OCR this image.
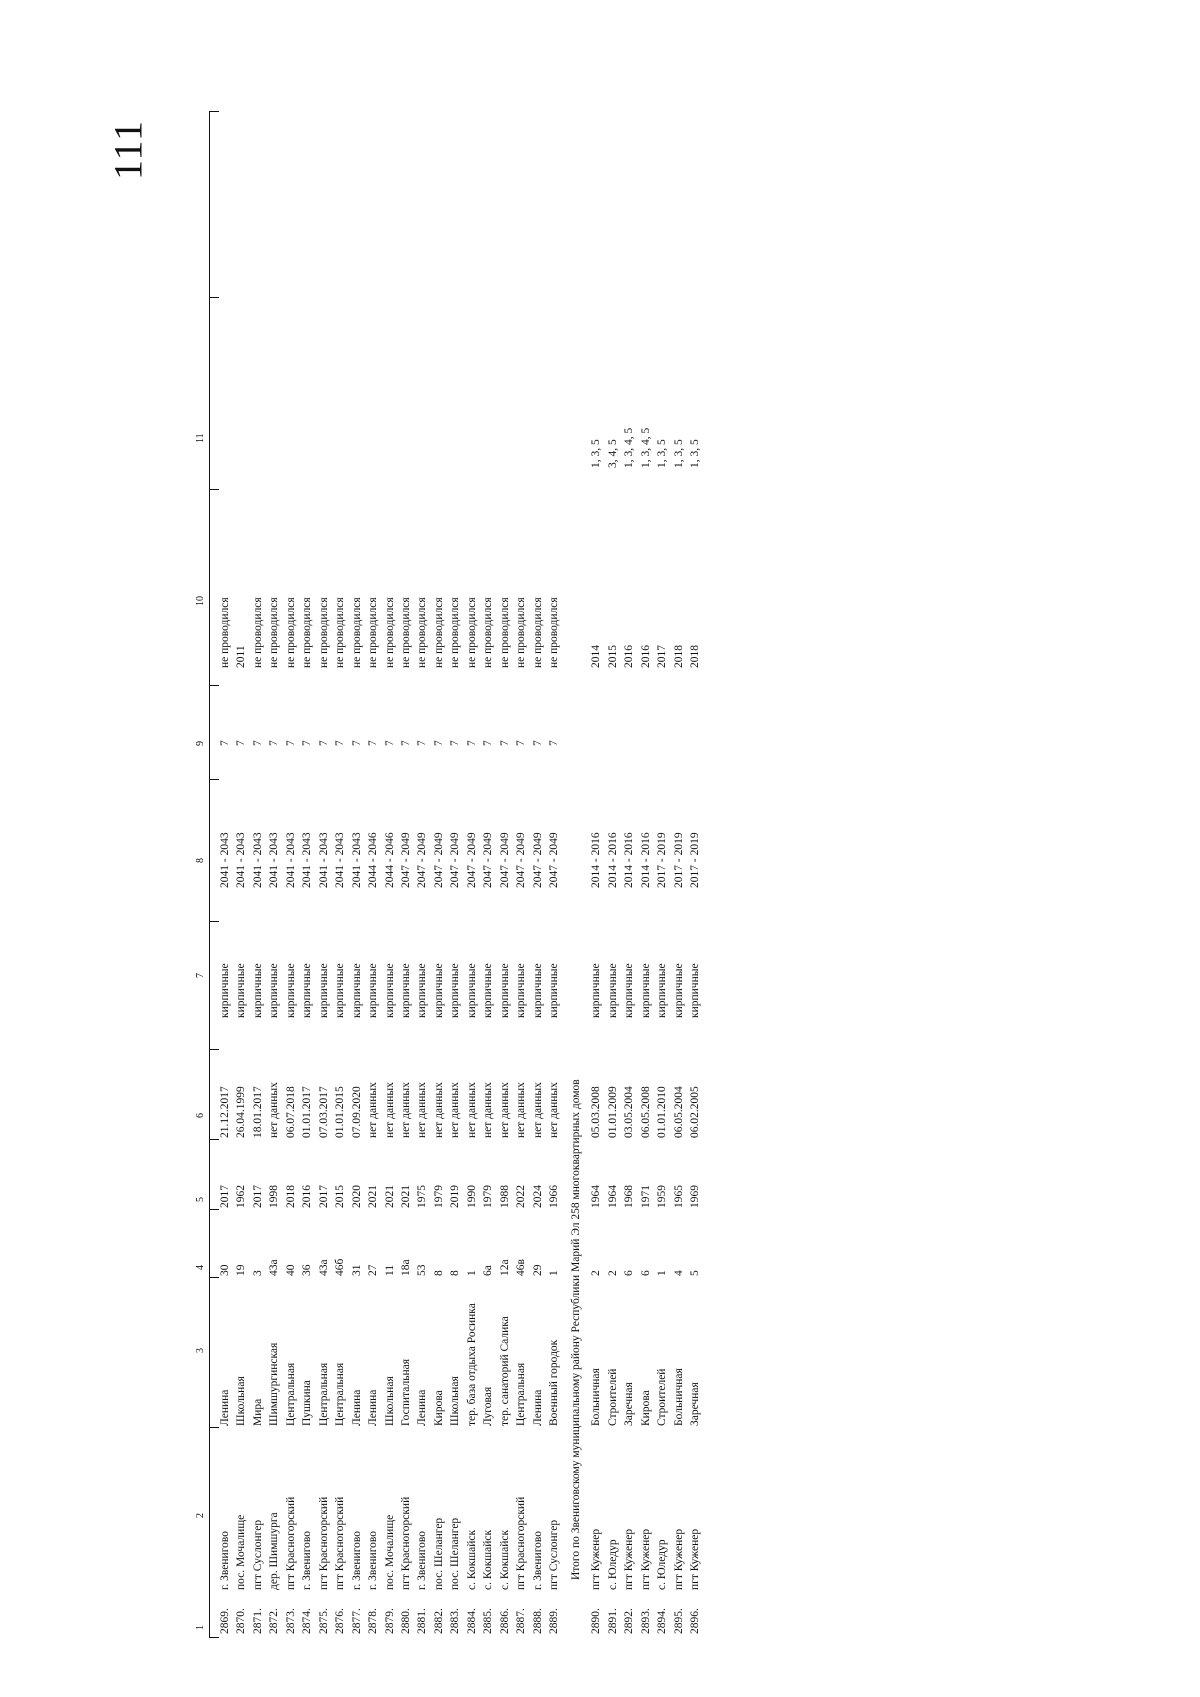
111
1
2
3
4
5
6
7
8
9
10
11
2869.
г. Звенигово
Ленина
30
2017
21.12.2017
кирпичные
2041 - 2043
7
не проводился
2870.
пос. Мочалище
Школьная
19
1962
26.04.1999
кирпичные
2041 - 2043
7
2011
2871.
пгт Суслонгер
Мира
3
2017
18.01.2017
кирпичные
2041 - 2043
7
не проводился
2872.
дер. Шимшурга
Шимшургинская
43а
1998
нет данных
кирпичные
2041 - 2043
7
не проводился
2873.
пгт Красногорский
Центральная
40
2018
06.07.2018
кирпичные
2041 - 2043
7
не проводился
2874.
г. Звенигово
Пушкина
36
2016
01.01.2017
кирпичные
2041 - 2043
7
не проводился
2875.
пгт Красногорский
Центральная
43а
2017
07.03.2017
кирпичные
2041 - 2043
7
не проводился
2876.
пгт Красногорский
Центральная
46б
2015
01.01.2015
кирпичные
2041 - 2043
7
не проводился
2877.
г. Звенигово
Ленина
31
2020
07.09.2020
кирпичные
2041 - 2043
7
не проводился
2878.
г. Звенигово
Ленина
27
2021
нет данных
кирпичные
2044 - 2046
7
не проводился
2879.
пос. Мочалище
Школьная
11
2021
нет данных
кирпичные
2044 - 2046
7
не проводился
2880.
пгт Красногорский
Госпитальная
18а
2021
нет данных
кирпичные
2047 - 2049
7
не проводился
2881.
г. Звенигово
Ленина
53
1975
нет данных
кирпичные
2047 - 2049
7
не проводился
2882.
пос. Шелангер
Кирова
8
1979
нет данных
кирпичные
2047 - 2049
7
не проводился
2883.
пос. Шелангер
Школьная
8
2019
нет данных
кирпичные
2047 - 2049
7
не проводился
2884.
с. Кокшайск
тер. база отдыха Росинка
1
1990
нет данных
кирпичные
2047 - 2049
7
не проводился
2885.
с. Кокшайск
Луговая
6а
1979
нет данных
кирпичные
2047 - 2049
7
не проводился
2886.
с. Кокшайск
тер. санаторий Салика
12а
1988
нет данных
кирпичные
2047 - 2049
7
не проводился
2887.
пгт Красногорский
Центральная
46в
2022
нет данных
кирпичные
2047 - 2049
7
не проводился
2888.
г. Звенигово
Ленина
29
2024
нет данных
кирпичные
2047 - 2049
7
не проводился
2889.
пгт Суслонгер
Военный городок
1
1966
нет данных
кирпичные
2047 - 2049
7
не проводился
Итого по Звениговскому муниципальному району Республики Марий Эл 258 многоквартирных домов
2890.
пгт Куженер
Больничная
2
1964
05.03.2008
кирпичные
2014 - 2016
2014
1, 3, 5
2891.
с. Юледур
Строителей
2
1964
01.01.2009
кирпичные
2014 - 2016
2015
3, 4, 5
2892.
пгт Куженер
Заречная
6
1968
03.05.2004
кирпичные
2014 - 2016
2016
1, 3, 4, 5
2893.
пгт Куженер
Кирова
6
1971
06.05.2008
кирпичные
2014 - 2016
2016
1, 3, 4, 5
2894.
с. Юледур
Строителей
1
1959
01.01.2010
кирпичные
2017 - 2019
2017
1, 3, 5
2895.
пгт Куженер
Больничная
4
1965
06.05.2004
кирпичные
2017 - 2019
2018
1, 3, 5
2896.
пгт Куженер
Заречная
5
1969
06.02.2005
кирпичные
2017 - 2019
2018
1, 3, 5
